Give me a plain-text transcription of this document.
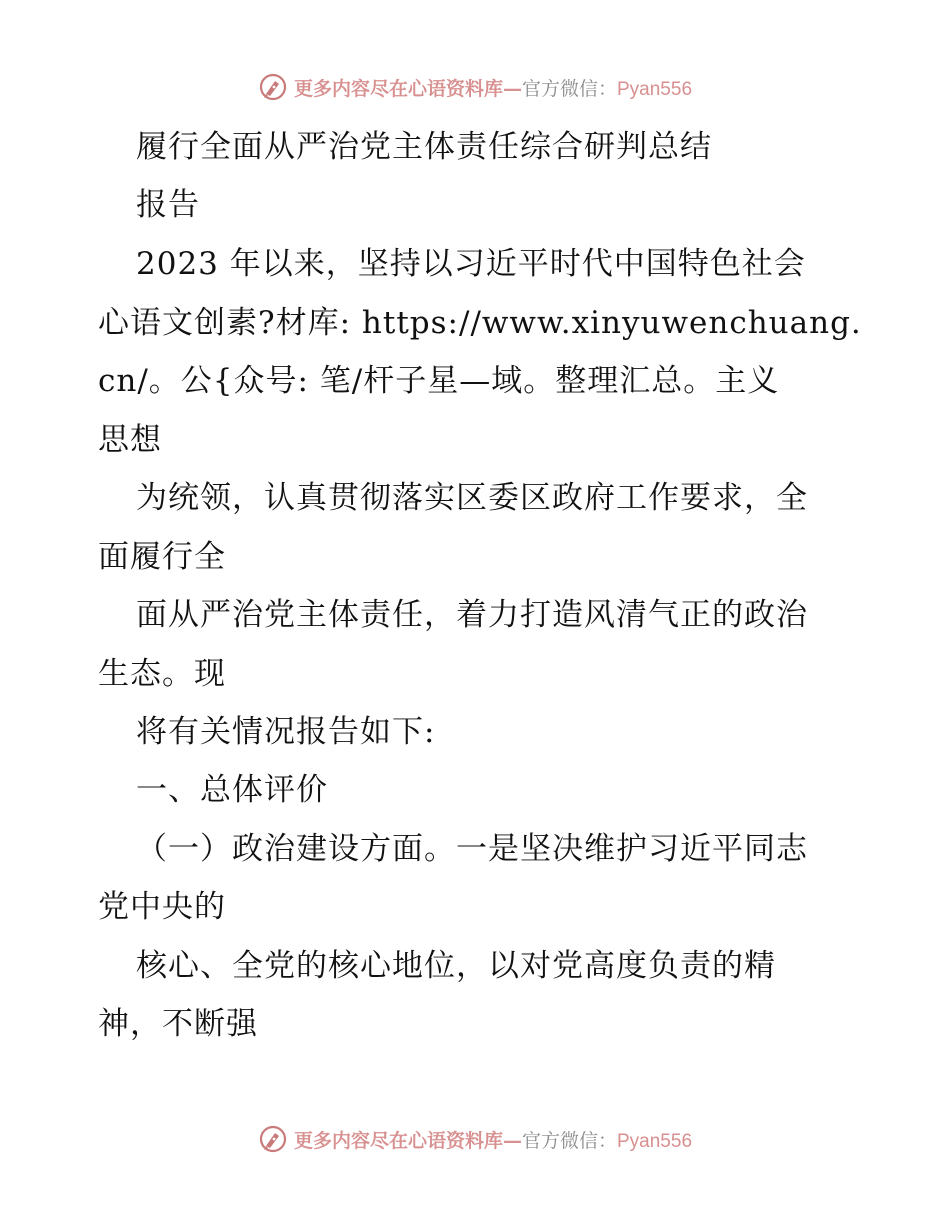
更多内容尽在心语资料库—官方微信：Pyan556
履行全面从严治党主体责任综合研判总结
报告
2023 年以来，坚持以习近平时代中国特色社会
心语文创素?材库: https://www.xinyuwenchuang.
cn/。公{众号: 笔/杆子星—域。整理汇总。主义
思想
为统领，认真贯彻落实区委区政府工作要求，全
面履行全
面从严治党主体责任，着力打造风清气正的政治
生态。现
将有关情况报告如下:
一、总体评价
（一）政治建设方面。一是坚决维护习近平同志
党中央的
核心、全党的核心地位，以对党高度负责的精
神，不断强
更多内容尽在心语资料库—官方微信：Pyan556
